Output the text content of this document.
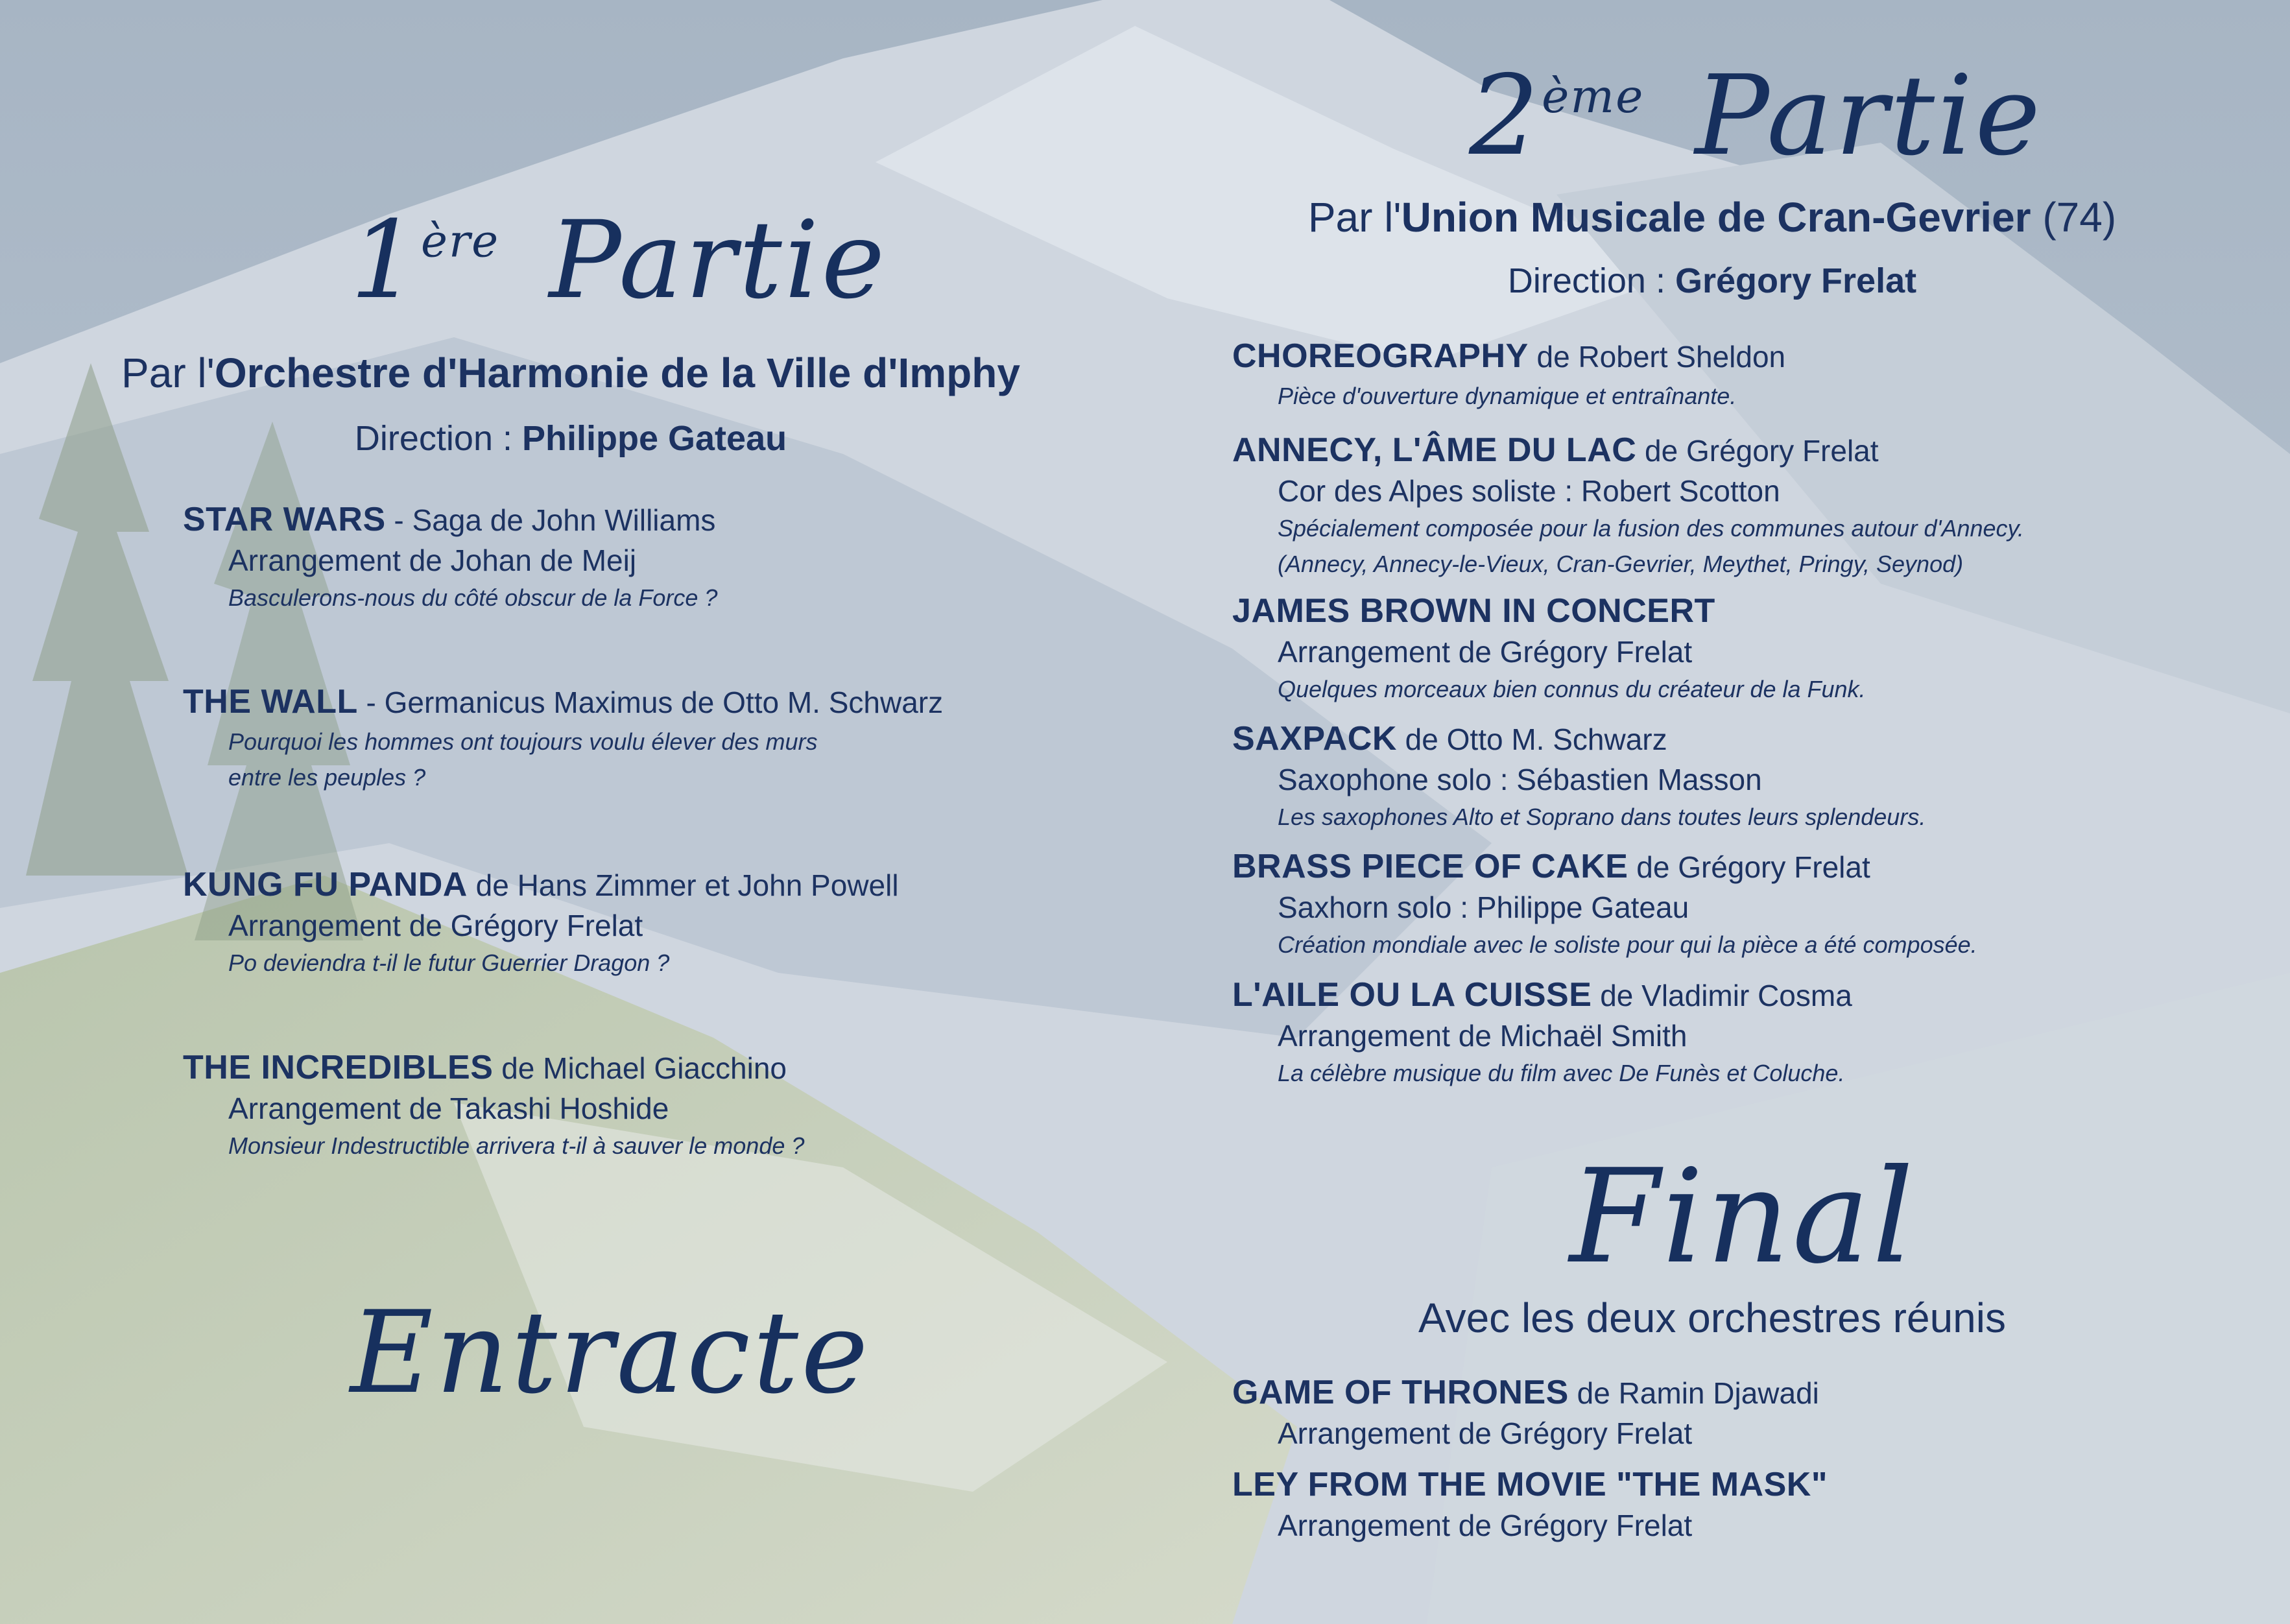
1ère Partie
Par l'Orchestre d'Harmonie de la Ville d'Imphy
Direction : Philippe Gateau
STAR WARS - Saga de John Williams
Arrangement de Johan de Meij
Basculerons-nous du côté obscur de la Force ?
THE WALL - Germanicus Maximus de Otto M. Schwarz
Pourquoi les hommes ont toujours voulu élever des murs
entre les peuples ?
KUNG FU PANDA de Hans Zimmer et John Powell
Arrangement de Grégory Frelat
Po deviendra t-il le futur Guerrier Dragon ?
THE INCREDIBLES de Michael Giacchino
Arrangement de Takashi Hoshide
Monsieur Indestructible arrivera t-il à sauver le monde ?
Entracte
2ème Partie
Par l'Union Musicale de Cran-Gevrier (74)
Direction : Grégory Frelat
CHOREOGRAPHY de Robert Sheldon
Pièce d'ouverture dynamique et entraînante.
ANNECY, L'ÂME DU LAC de Grégory Frelat
Cor des Alpes soliste : Robert Scotton
Spécialement composée pour la fusion des communes autour d'Annecy.
(Annecy, Annecy-le-Vieux, Cran-Gevrier, Meythet, Pringy, Seynod)
JAMES BROWN IN CONCERT
Arrangement de Grégory Frelat
Quelques morceaux bien connus du créateur de la Funk.
SAXPACK de Otto M. Schwarz
Saxophone solo : Sébastien Masson
Les saxophones Alto et Soprano dans toutes leurs splendeurs.
BRASS PIECE OF CAKE de Grégory Frelat
Saxhorn solo : Philippe Gateau
Création mondiale avec le soliste pour qui la pièce a été composée.
L'AILE OU LA CUISSE de Vladimir Cosma
Arrangement de Michaël Smith
La célèbre musique du film avec De Funès et Coluche.
Final
Avec les deux orchestres réunis
GAME OF THRONES de Ramin Djawadi
Arrangement de Grégory Frelat
LEY FROM THE MOVIE "THE MASK"
Arrangement de Grégory Frelat
